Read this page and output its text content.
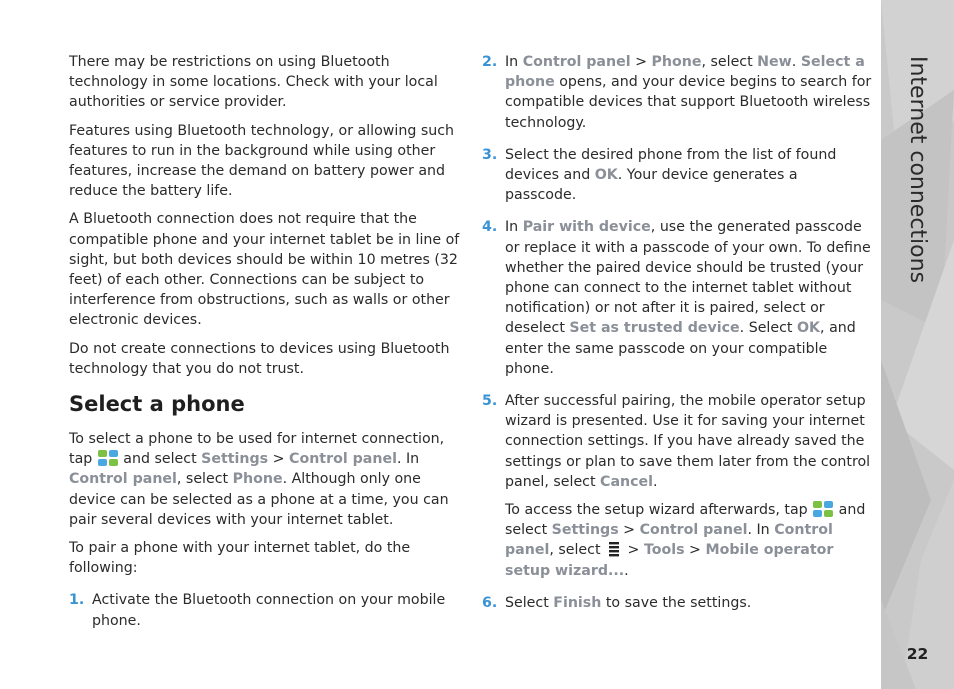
There may be restrictions on using Bluetooth technology in some locations. Check with your local authorities or service provider.

Features using Bluetooth technology, or allowing such features to run in the background while using other features, increase the demand on battery power and reduce the battery life.

A Bluetooth connection does not require that the compatible phone and your internet tablet be in line of sight, but both devices should be within 10 metres (32 feet) of each other. Connections can be subject to interference from obstructions, such as walls or other electronic devices.

Do not create connections to devices using Bluetooth technology that you do not trust.

Select a phone

To select a phone to be used for internet connection, tap  and select Settings > Control panel. In Control panel, select Phone. Although only one device can be selected as a phone at a time, you can pair several devices with your internet tablet.

To pair a phone with your internet tablet, do the following:

1. Activate the Bluetooth connection on your mobile phone.

2. In Control panel > Phone, select New. Select a phone opens, and your device begins to search for compatible devices that support Bluetooth wireless technology.

3. Select the desired phone from the list of found devices and OK. Your device generates a passcode.

4. In Pair with device, use the generated passcode or replace it with a passcode of your own. To define whether the paired device should be trusted (your phone can connect to the internet tablet without notification) or not after it is paired, select or deselect Set as trusted device. Select OK, and enter the same passcode on your compatible phone.

5. After successful pairing, the mobile operator setup wizard is presented. Use it for saving your internet connection settings. If you have already saved the settings or plan to save them later from the control panel, select Cancel.

To access the setup wizard afterwards, tap  and select Settings > Control panel. In Control panel, select  > Tools > Mobile operator setup wizard....

6. Select Finish to save the settings.

Internet connections
22
